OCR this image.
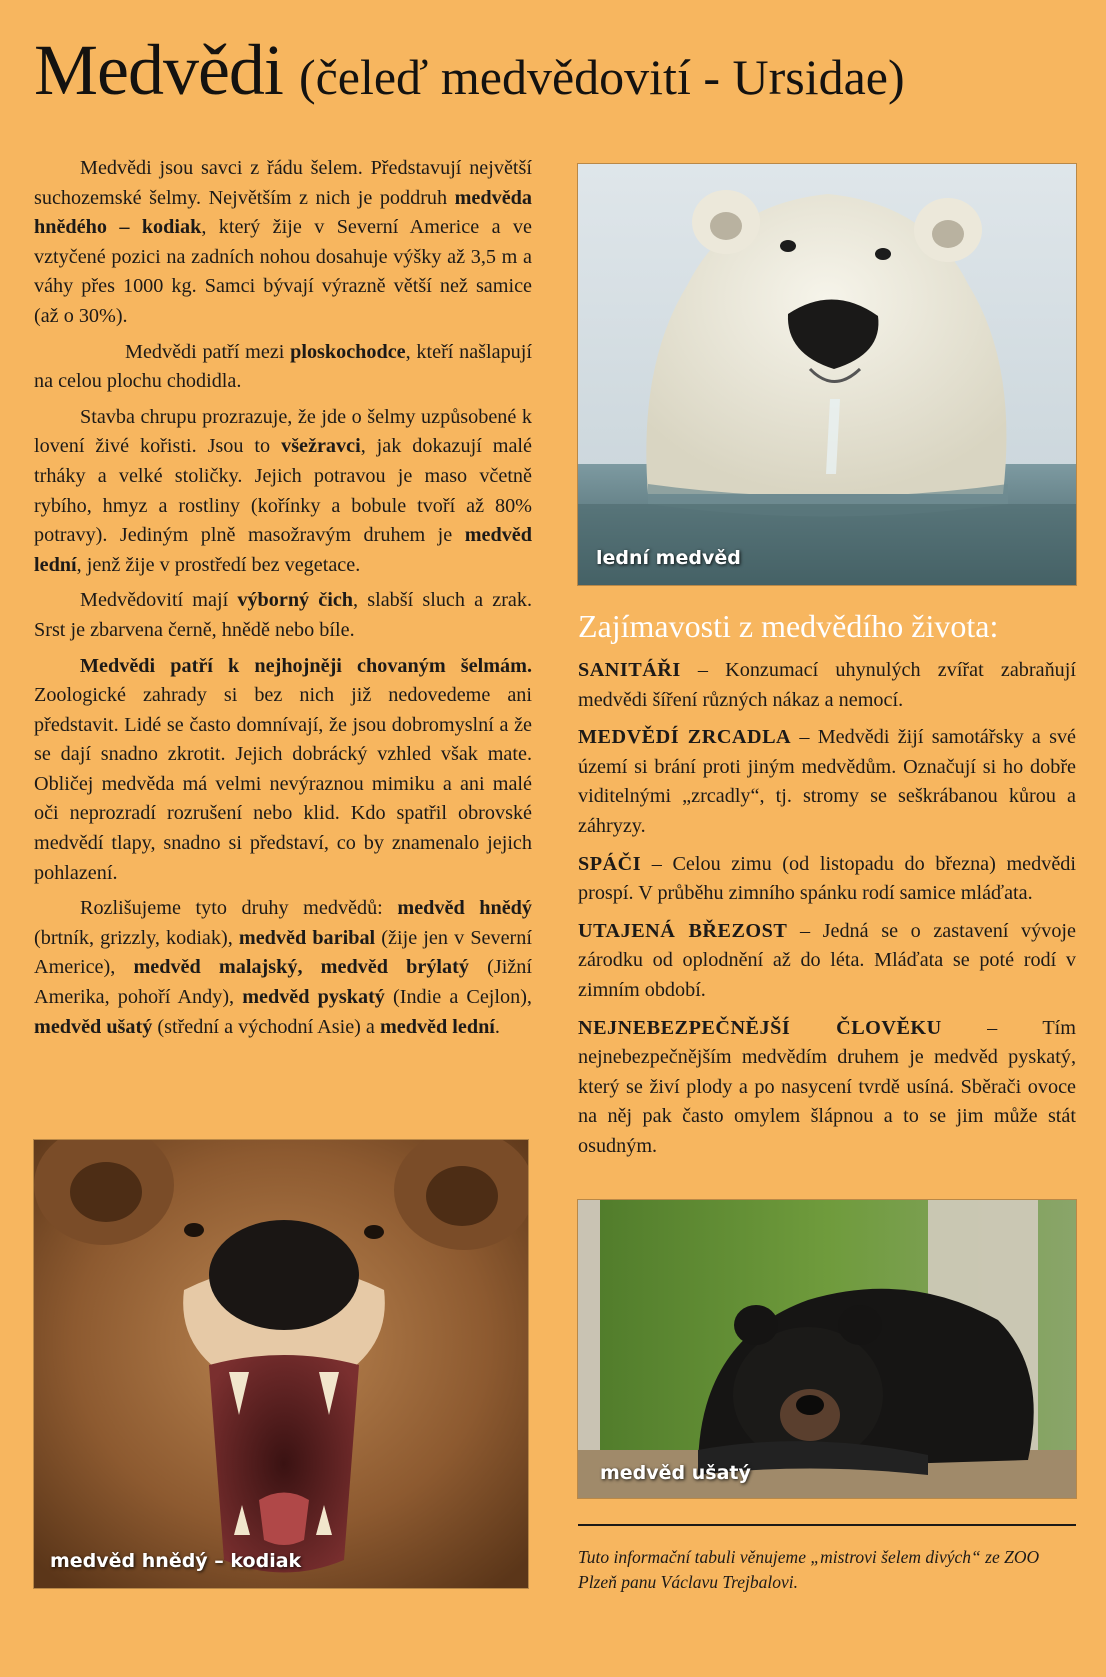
Medvědi (čeleď medvědovití - Ursidae)

Medvědi jsou savci z řádu šelem. Představují největší suchozemské šelmy. Největším z nich je poddruh medvěda hnědého – kodiak, který žije v Severní Americe a ve vztyčené pozici na zadních nohou dosahuje výšky až 3,5 m a váhy přes 1000 kg. Samci bývají výrazně větší než samice (až o 30%).

Medvědi patří mezi ploskochodce, kteří našlapují na celou plochu chodidla.

Stavba chrupu prozrazuje, že jde o šelmy uzpůsobené k lovení živé kořisti. Jsou to všežravci, jak dokazují malé trháky a velké stoličky. Jejich potravou je maso včetně rybího, hmyz a rostliny (kořínky a bobule tvoří až 80% potravy). Jediným plně masožravým druhem je medvěd lední, jenž žije v prostředí bez vegetace.

Medvědovití mají výborný čich, slabší sluch a zrak. Srst je zbarvena černě, hnědě nebo bíle.

Medvědi patří k nejhojněji chovaným šelmám. Zoologické zahrady si bez nich již nedovedeme ani představit. Lidé se často domnívají, že jsou dobromyslní a že se dají snadno zkrotit. Jejich dobrácký vzhled však mate. Obličej medvěda má velmi nevýraznou mimiku a ani malé oči neprozradí rozrušení nebo klid. Kdo spatřil obrovské medvědí tlapy, snadno si představí, co by znamenalo jejich pohlazení.

Rozlišujeme tyto druhy medvědů: medvěd hnědý (brtník, grizzly, kodiak), medvěd baribal (žije jen v Severní Americe), medvěd malajský, medvěd brýlatý (Jižní Amerika, pohoří Andy), medvěd pyskatý (Indie a Cejlon), medvěd ušatý (střední a východní Asie) a medvěd lední.

lední medvěd
Zajímavosti z medvědího života:

SANITÁŘI – Konzumací uhynulých zvířat zabraňují medvědi šíření různých nákaz a nemocí.

MEDVĚDÍ ZRCADLA – Medvědi žijí samotářsky a své území si brání proti jiným medvědům. Označují si ho dobře viditelnými „zrcadly“, tj. stromy se seškrábanou kůrou a záhryzy.

SPÁČI – Celou zimu (od listopadu do března) medvědi prospí. V průběhu zimního spánku rodí samice mláďata.

UTAJENÁ BŘEZOST – Jedná se o zastavení vývoje zárodku od oplodnění až do léta. Mláďata se poté rodí v zimním období.

NEJNEBEZPEČNĚJŠÍ ČLOVĚKU – Tím nejnebezpečnějším medvědím druhem je medvěd pyskatý, který se živí plody a po nasycení tvrdě usíná. Sběrači ovoce na něj pak často omylem šlápnou a to se jim může stát osudným.

medvěd hnědý – kodiak
medvěd ušatý
Tuto informační tabuli věnujeme „mistrovi šelem divých“ ze ZOO Plzeň panu Václavu Trejbalovi.
